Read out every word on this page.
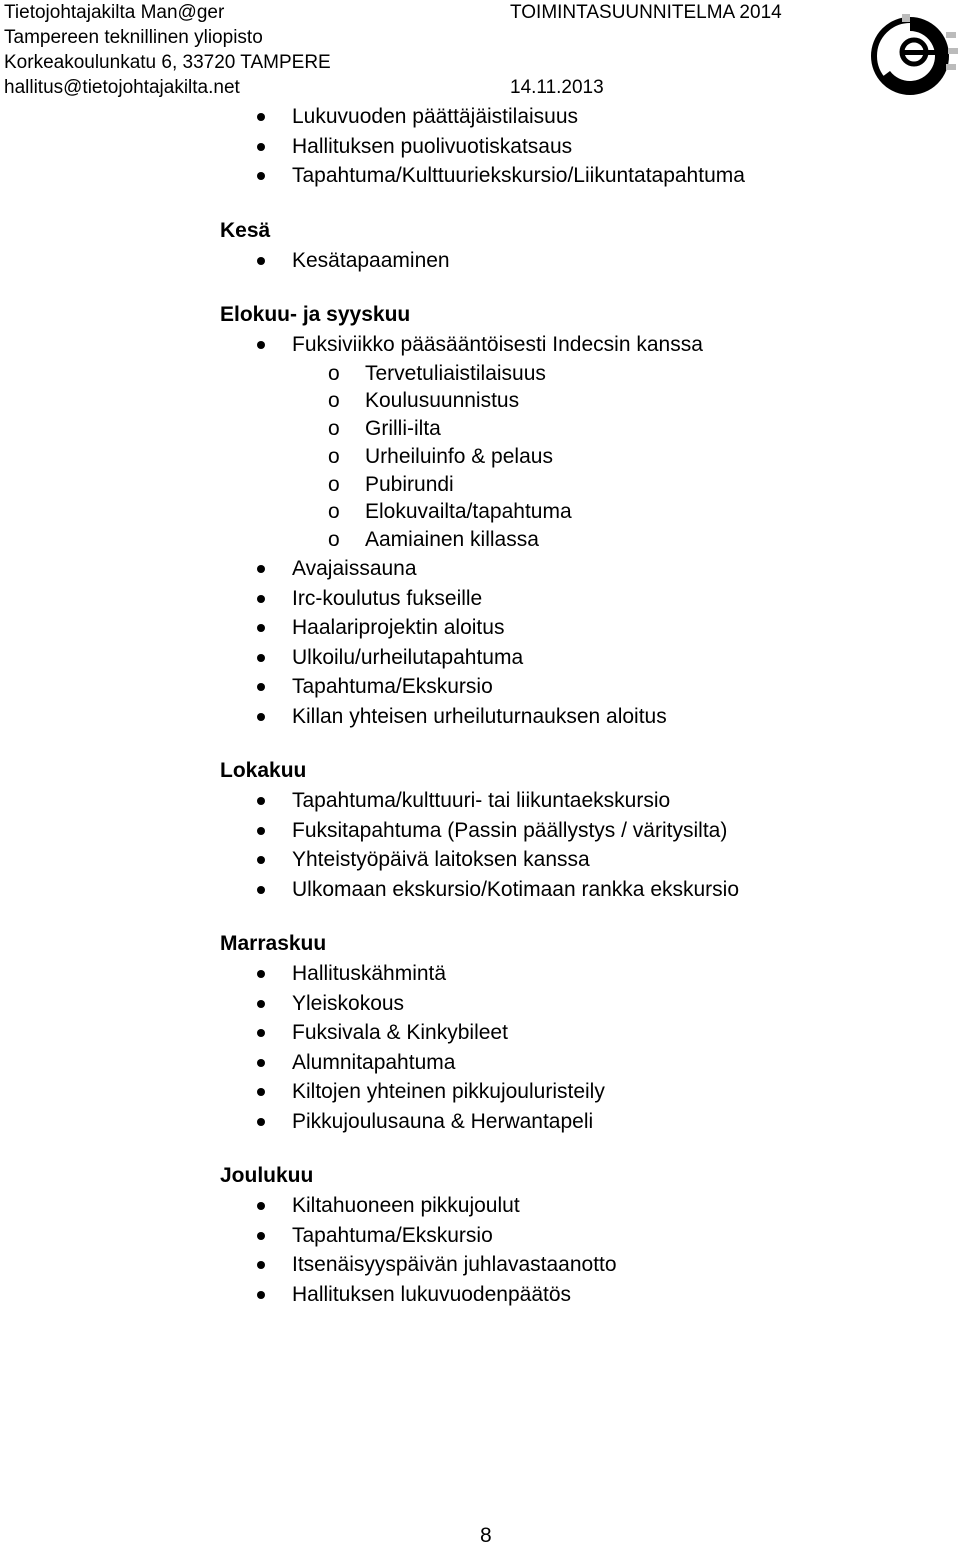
Tietojohtajakilta Man@ger
Tampereen teknillinen yliopisto
Korkeakoulunkatu 6, 33720 TAMPERE
hallitus@tietojohtajakilta.net
TOIMINTASUUNNITELMA 2014
14.11.2013
Lukuvuoden päättäjäistilaisuus
Hallituksen puolivuotiskatsaus
Tapahtuma/Kulttuuriekskursio/Liikuntatapahtuma
Kesä
Kesätapaaminen
Elokuu- ja syyskuu
Fuksiviikko pääsääntöisesti Indecsin kanssa
o Tervetuliaistilaisuus
o Koulusuunnistus
o Grilli-ilta
o Urheiluinfo & pelaus
o Pubirundi
o Elokuvailta/tapahtuma
o Aamiainen killassa
Avajaissauna
Irc-koulutus fukseille
Haalariprojektin aloitus
Ulkoilu/urheilutapahtuma
Tapahtuma/Ekskursio
Killan yhteisen urheiluturnauksen aloitus
Lokakuu
Tapahtuma/kulttuuri- tai liikuntaekskursio
Fuksitapahtuma (Passin päällystys / väritysilta)
Yhteistyöpäivä laitoksen kanssa
Ulkomaan ekskursio/Kotimaan rankka ekskursio
Marraskuu
Hallituskähmintä
Yleiskokous
Fuksivala & Kinkybileet
Alumnitapahtuma
Kiltojen yhteinen pikkujouluristeily
Pikkujoulusauna & Herwantapeli
Joulukuu
Kiltahuoneen pikkujoulut
Tapahtuma/Ekskursio
Itsenäisyyspäivän juhlavastaanotto
Hallituksen lukuvuodenpäätös
8
